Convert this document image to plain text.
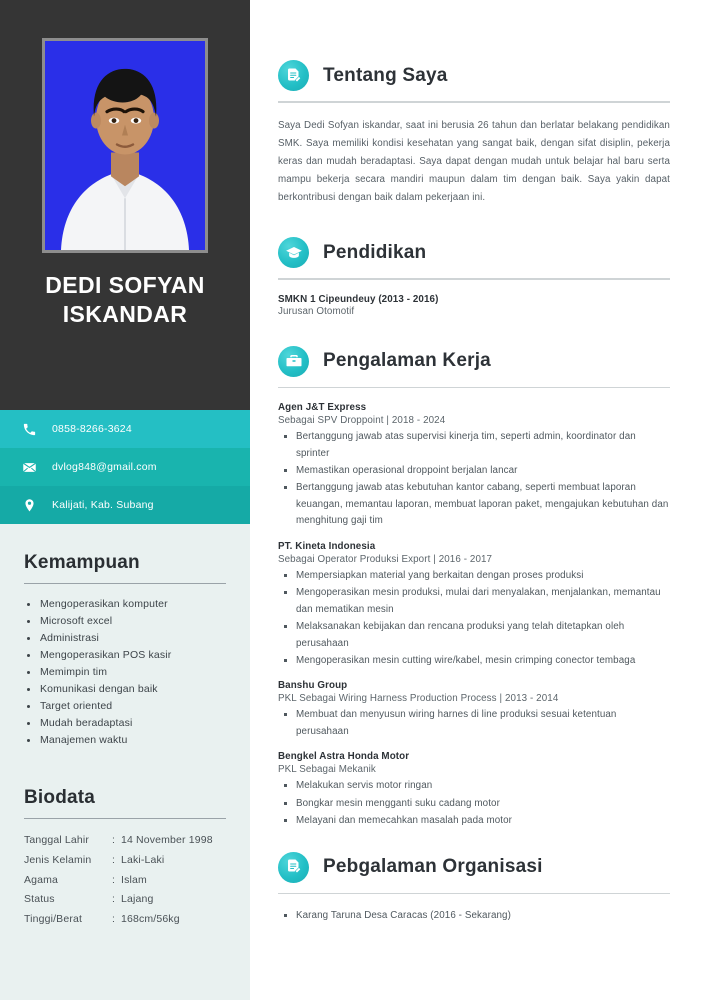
DEDI SOFYAN
ISKANDAR
0858-8266-3624
dvlog848@gmail.com
Kalijati, Kab. Subang
Kemampuan
Mengoperasikan komputer
Microsoft excel
Administrasi
Mengoperasikan POS kasir
Memimpin tim
Komunikasi dengan baik
Target oriented
Mudah beradaptasi
Manajemen waktu
Biodata
Tanggal Lahir	:	14 November 1998
Jenis Kelamin	:	Laki-Laki
Agama	:	Islam
Status	:	Lajang
Tinggi/Berat	:	168cm/56kg
Tentang Saya

Saya Dedi Sofyan iskandar, saat ini berusia 26 tahun dan berlatar belakang pendidikan SMK. Saya memiliki kondisi kesehatan yang sangat baik, dengan sifat disiplin, pekerja keras dan mudah beradaptasi. Saya dapat dengan mudah untuk belajar hal baru serta mampu bekerja secara mandiri maupun dalam tim dengan baik. Saya yakin dapat berkontribusi dengan baik dalam pekerjaan ini.

Pendidikan
SMKN 1 Cipeundeuy (2013 - 2016)
Jurusan Otomotif
Pengalaman Kerja
Agen J&T Express
Sebagai SPV Droppoint | 2018 - 2024
Bertanggung jawab atas supervisi kinerja tim, seperti admin, koordinator dan sprinter
Memastikan operasional droppoint berjalan lancar
Bertanggung jawab atas kebutuhan kantor cabang, seperti membuat laporan keuangan, memantau laporan, membuat laporan paket, mengajukan kebutuhan dan menghitung gaji tim
PT. Kineta Indonesia
Sebagai Operator Produksi Export | 2016 - 2017
Mempersiapkan material yang berkaitan dengan proses produksi
Mengoperasikan mesin produksi, mulai dari menyalakan, menjalankan, memantau dan mematikan mesin
Melaksanakan kebijakan dan rencana produksi yang telah ditetapkan oleh perusahaan
Mengoperasikan mesin cutting wire/kabel, mesin crimping conector tembaga
Banshu Group
PKL Sebagai Wiring Harness Production Process | 2013 - 2014
Membuat dan menyusun wiring harnes di line produksi sesuai ketentuan perusahaan
Bengkel Astra Honda Motor
PKL Sebagai Mekanik
Melakukan servis motor ringan
Bongkar mesin mengganti suku cadang motor
Melayani dan memecahkan masalah pada motor
Pebgalaman Organisasi
Karang Taruna Desa Caracas (2016 - Sekarang)
